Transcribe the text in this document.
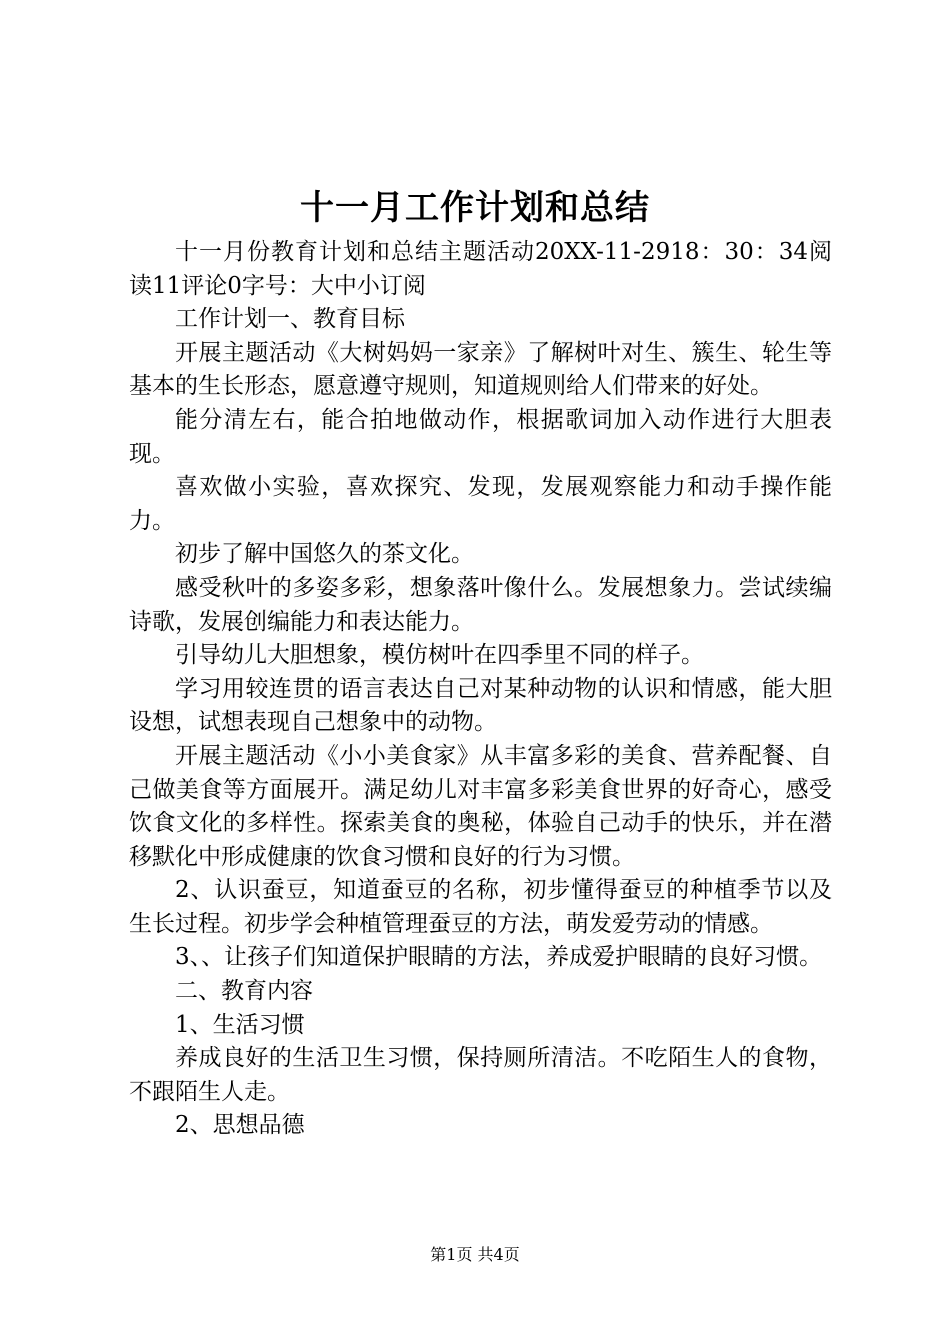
十一月工作计划和总结

十一月份教育计划和总结主题活动20XX-11-2918：30：34阅读11评论0字号：大中小订阅

工作计划一、教育目标

开展主题活动《大树妈妈一家亲》了解树叶对生、簇生、轮生等基本的生长形态，愿意遵守规则，知道规则给人们带来的好处。

能分清左右，能合拍地做动作，根据歌词加入动作进行大胆表现。

喜欢做小实验，喜欢探究、发现，发展观察能力和动手操作能力。

初步了解中国悠久的茶文化。

感受秋叶的多姿多彩，想象落叶像什么。发展想象力。尝试续编诗歌，发展创编能力和表达能力。

引导幼儿大胆想象，模仿树叶在四季里不同的样子。

学习用较连贯的语言表达自己对某种动物的认识和情感，能大胆设想，试想表现自己想象中的动物。

开展主题活动《小小美食家》从丰富多彩的美食、营养配餐、自己做美食等方面展开。满足幼儿对丰富多彩美食世界的好奇心，感受饮食文化的多样性。探索美食的奥秘，体验自己动手的快乐，并在潜移默化中形成健康的饮食习惯和良好的行为习惯。

2、认识蚕豆，知道蚕豆的名称，初步懂得蚕豆的种植季节以及生长过程。初步学会种植管理蚕豆的方法，萌发爱劳动的情感。

3、、让孩子们知道保护眼睛的方法，养成爱护眼睛的良好习惯。

二、教育内容

1、生活习惯

养成良好的生活卫生习惯，保持厕所清洁。不吃陌生人的食物，不跟陌生人走。

2、思想品德

第1页 共4页
